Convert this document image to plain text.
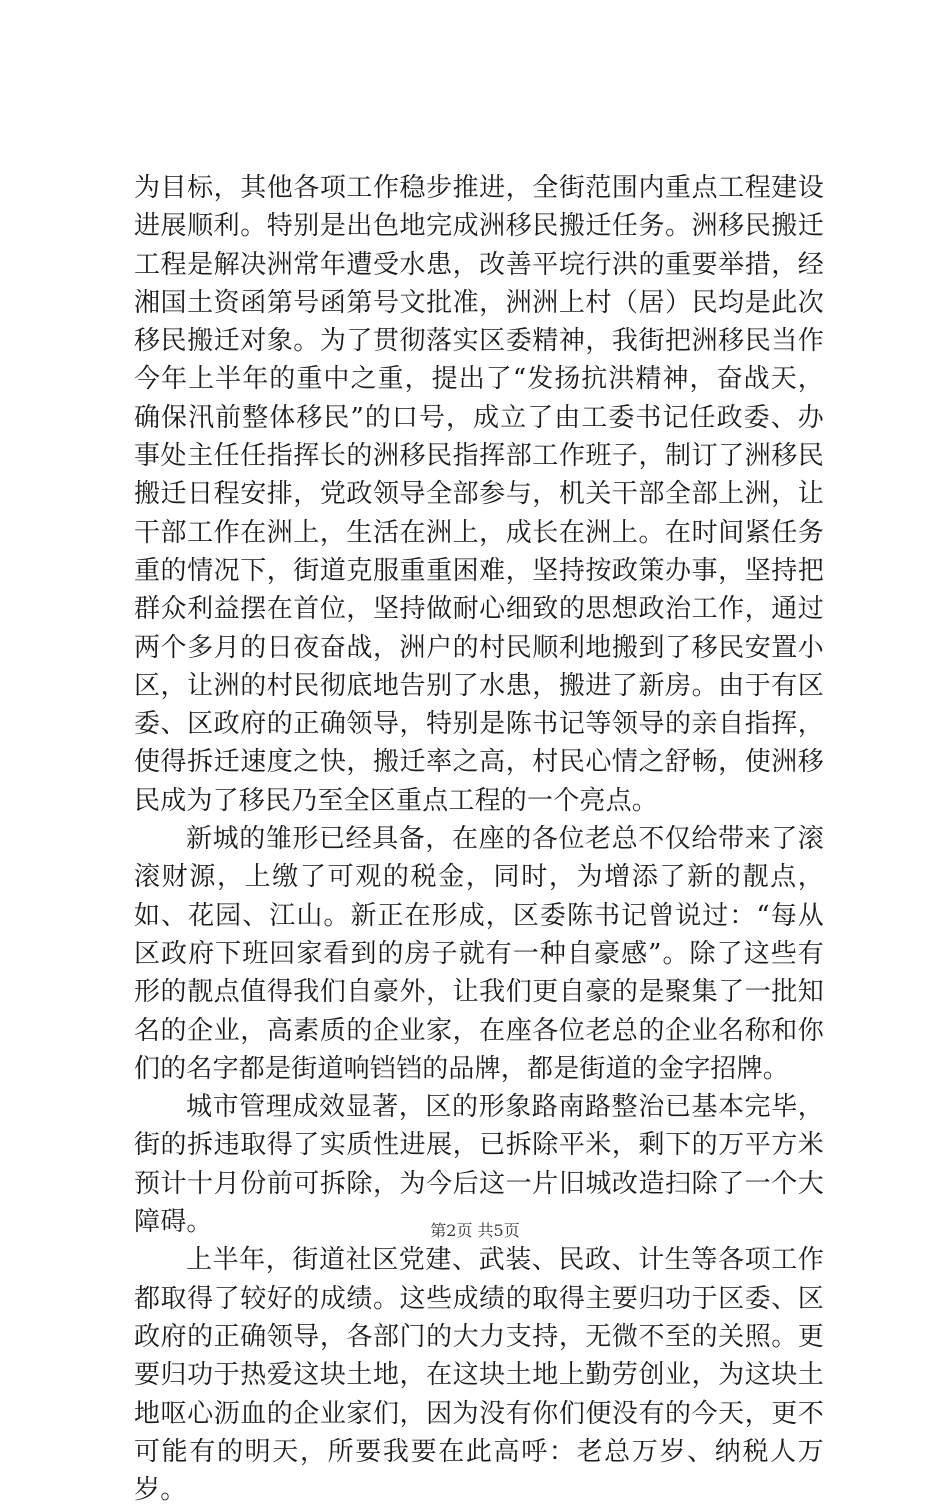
为目标，其他各项工作稳步推进，全街范围内重点工程建设进展顺利。特别是出色地完成洲移民搬迁任务。洲移民搬迁工程是解决洲常年遭受水患，改善平垸行洪的重要举措，经湘国土资函第号函第号文批准，洲洲上村（居）民均是此次移民搬迁对象。为了贯彻落实区委精神，我街把洲移民当作今年上半年的重中之重，提出了“发扬抗洪精神，奋战天，确保汛前整体移民”的口号，成立了由工委书记任政委、办事处主任任指挥长的洲移民指挥部工作班子，制订了洲移民搬迁日程安排，党政领导全部参与，机关干部全部上洲，让干部工作在洲上，生活在洲上，成长在洲上。在时间紧任务重的情况下，街道克服重重困难，坚持按政策办事，坚持把群众利益摆在首位，坚持做耐心细致的思想政治工作，通过两个多月的日夜奋战，洲户的村民顺利地搬到了移民安置小区，让洲的村民彻底地告别了水患，搬进了新房。由于有区委、区政府的正确领导，特别是陈书记等领导的亲自指挥，使得拆迁速度之快，搬迁率之高，村民心情之舒畅，使洲移民成为了移民乃至全区重点工程的一个亮点。

新城的雏形已经具备，在座的各位老总不仅给带来了滚滚财源，上缴了可观的税金，同时，为增添了新的靓点，如、花园、江山。新正在形成，区委陈书记曾说过：“每从区政府下班回家看到的房子就有一种自豪感”。除了这些有形的靓点值得我们自豪外，让我们更自豪的是聚集了一批知名的企业，高素质的企业家，在座各位老总的企业名称和你们的名字都是街道响铛铛的品牌，都是街道的金字招牌。

城市管理成效显著，区的形象路南路整治已基本完毕，街的拆违取得了实质性进展，已拆除平米，剩下的万平方米预计十月份前可拆除，为今后这一片旧城改造扫除了一个大障碍。

上半年，街道社区党建、武装、民政、计生等各项工作都取得了较好的成绩。这些成绩的取得主要归功于区委、区政府的正确领导，各部门的大力支持，无微不至的关照。更要归功于热爱这块土地，在这块土地上勤劳创业，为这块土地呕心沥血的企业家们，因为没有你们便没有的今天，更不可能有的明天，所要我要在此高呼：老总万岁、纳税人万岁。

第2页 共5页
